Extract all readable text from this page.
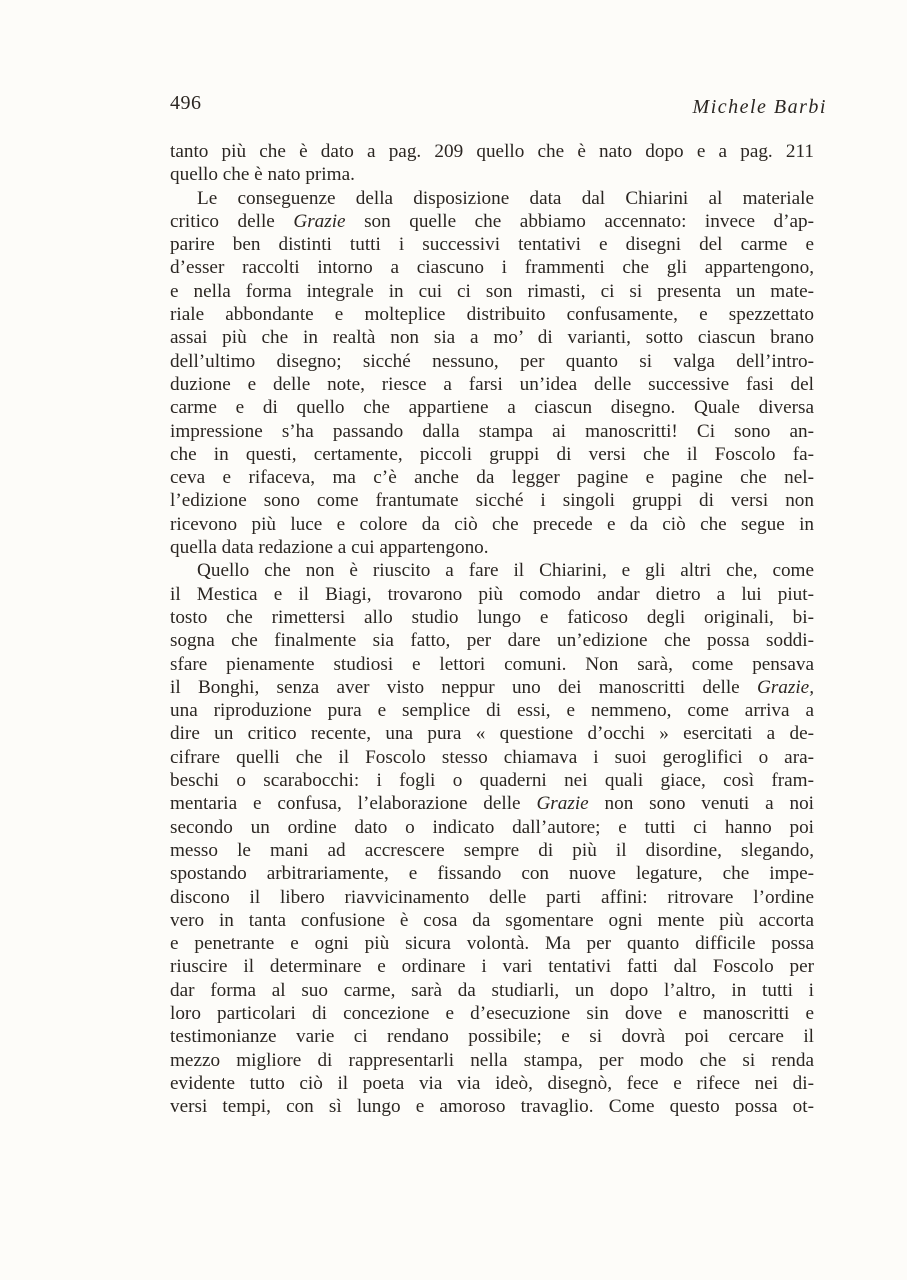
496	Michele Barbi
tanto più che è dato a pag. 209 quello che è nato dopo e a pag. 211
quello che è nato prima.
Le conseguenze della disposizione data dal Chiarini al materiale
critico delle Grazie son quelle che abbiamo accennato: invece d’ap-
parire ben distinti tutti i successivi tentativi e disegni del carme e
d’esser raccolti intorno a ciascuno i frammenti che gli appartengono,
e nella forma integrale in cui ci son rimasti, ci si presenta un mate-
riale abbondante e molteplice distribuito confusamente, e spezzettato
assai più che in realtà non sia a mo’ di varianti, sotto ciascun brano
dell’ultimo disegno; sicché nessuno, per quanto si valga dell’intro-
duzione e delle note, riesce a farsi un’idea delle successive fasi del
carme e di quello che appartiene a ciascun disegno. Quale diversa
impressione s’ha passando dalla stampa ai manoscritti! Ci sono an-
che in questi, certamente, piccoli gruppi di versi che il Foscolo fa-
ceva e rifaceva, ma c’è anche da legger pagine e pagine che nel-
l’edizione sono come frantumate sicché i singoli gruppi di versi non
ricevono più luce e colore da ciò che precede e da ciò che segue in
quella data redazione a cui appartengono.
Quello che non è riuscito a fare il Chiarini, e gli altri che, come
il Mestica e il Biagi, trovarono più comodo andar dietro a lui piut-
tosto che rimettersi allo studio lungo e faticoso degli originali, bi-
sogna che finalmente sia fatto, per dare un’edizione che possa soddi-
sfare pienamente studiosi e lettori comuni. Non sarà, come pensava
il Bonghi, senza aver visto neppur uno dei manoscritti delle Grazie,
una riproduzione pura e semplice di essi, e nemmeno, come arriva a
dire un critico recente, una pura « questione d’occhi » esercitati a de-
cifrare quelli che il Foscolo stesso chiamava i suoi geroglifici o ara-
beschi o scarabocchi: i fogli o quaderni nei quali giace, così fram-
mentaria e confusa, l’elaborazione delle Grazie non sono venuti a noi
secondo un ordine dato o indicato dall’autore; e tutti ci hanno poi
messo le mani ad accrescere sempre di più il disordine, slegando,
spostando arbitrariamente, e fissando con nuove legature, che impe-
discono il libero riavvicinamento delle parti affini: ritrovare l’ordine
vero in tanta confusione è cosa da sgomentare ogni mente più accorta
e penetrante e ogni più sicura volontà. Ma per quanto difficile possa
riuscire il determinare e ordinare i vari tentativi fatti dal Foscolo per
dar forma al suo carme, sarà da studiarli, un dopo l’altro, in tutti i
loro particolari di concezione e d’esecuzione sin dove e manoscritti e
testimonianze varie ci rendano possibile; e si dovrà poi cercare il
mezzo migliore di rappresentarli nella stampa, per modo che si renda
evidente tutto ciò il poeta via via ideò, disegnò, fece e rifece nei di-
versi tempi, con sì lungo e amoroso travaglio. Come questo possa ot-
